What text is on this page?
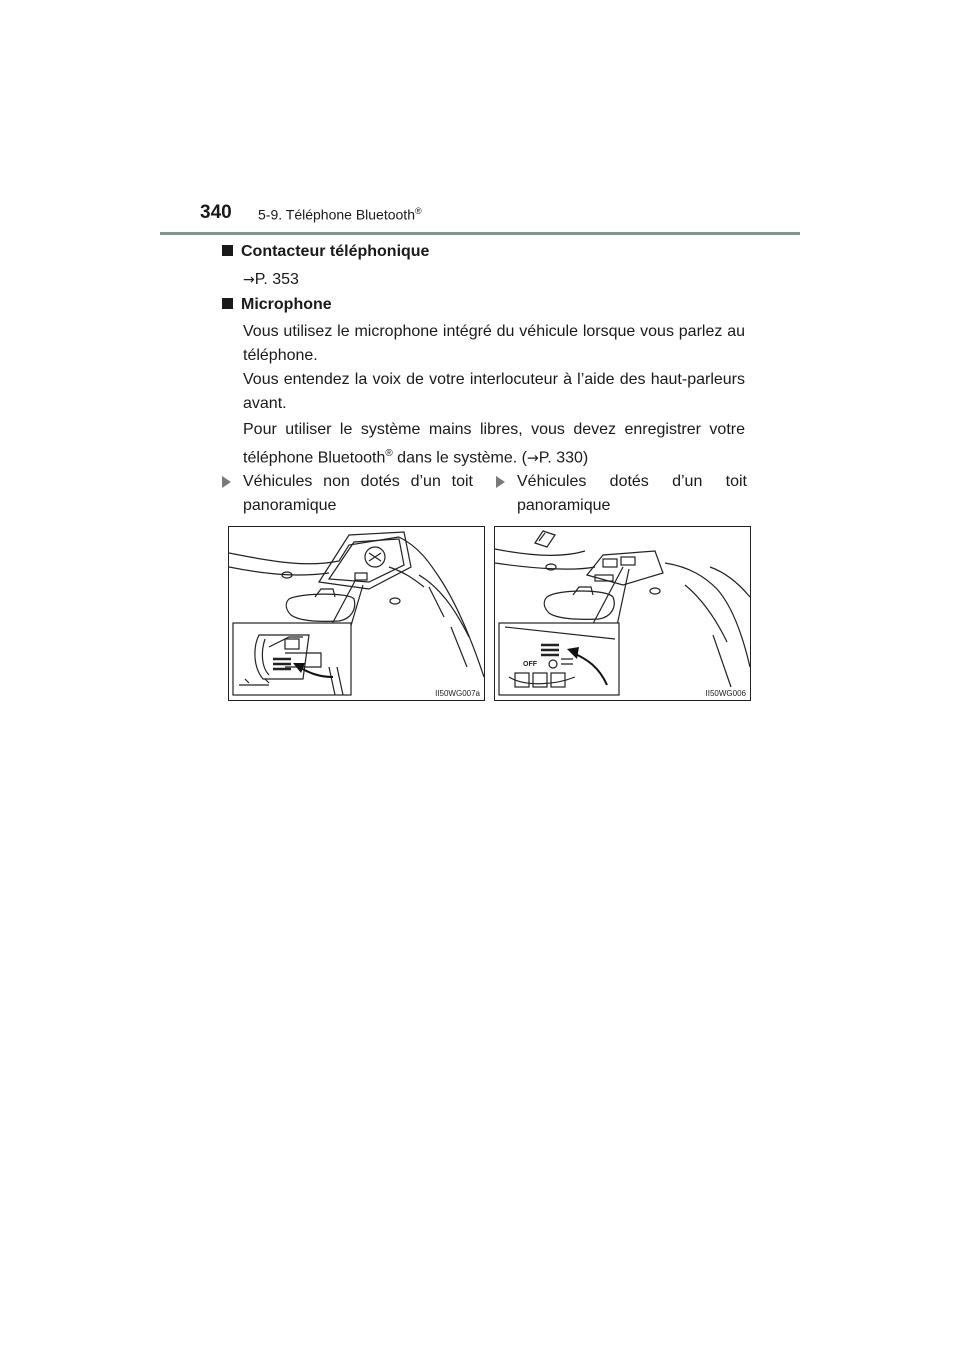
340 5-9. Téléphone Bluetooth®
Contacteur téléphonique
→P. 353
Microphone
Vous utilisez le microphone intégré du véhicule lorsque vous parlez au téléphone.
Vous entendez la voix de votre interlocuteur à l’aide des haut-parleurs avant.
Pour utiliser le système mains libres, vous devez enregistrer votre téléphone Bluetooth® dans le système. (→P. 330)
Véhicules non dotés d’un toit
panoramique
Véhicules dotés d’un toit
panoramique
II50WG007a
OFF
II50WG006
